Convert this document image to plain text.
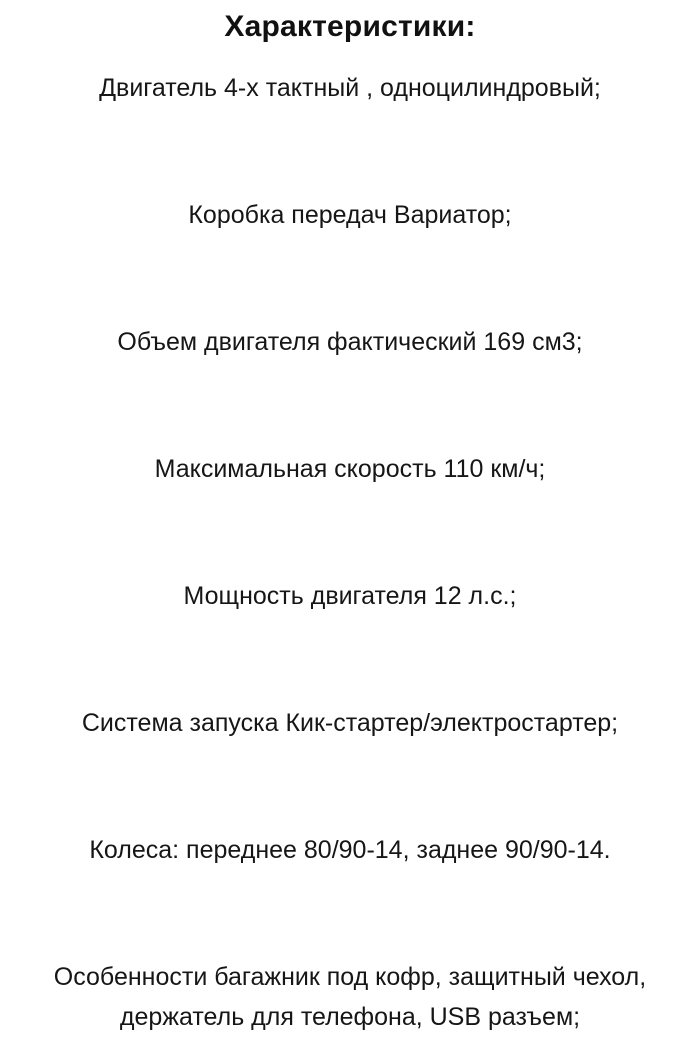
Характеристики:

Двигатель 4-х тактный , одноцилиндровый;

Коробка передач Вариатор;

Объем двигателя фактический 169 см3;

Максимальная скорость 110 км/ч;

Мощность двигателя 12 л.с.;

Система запуска Кик-стартер/электростартер;

Колеса: переднее 80/90-14, заднее 90/90-14.

Особенности багажник под кофр, защитный чехол, держатель для телефона, USB разъем;
